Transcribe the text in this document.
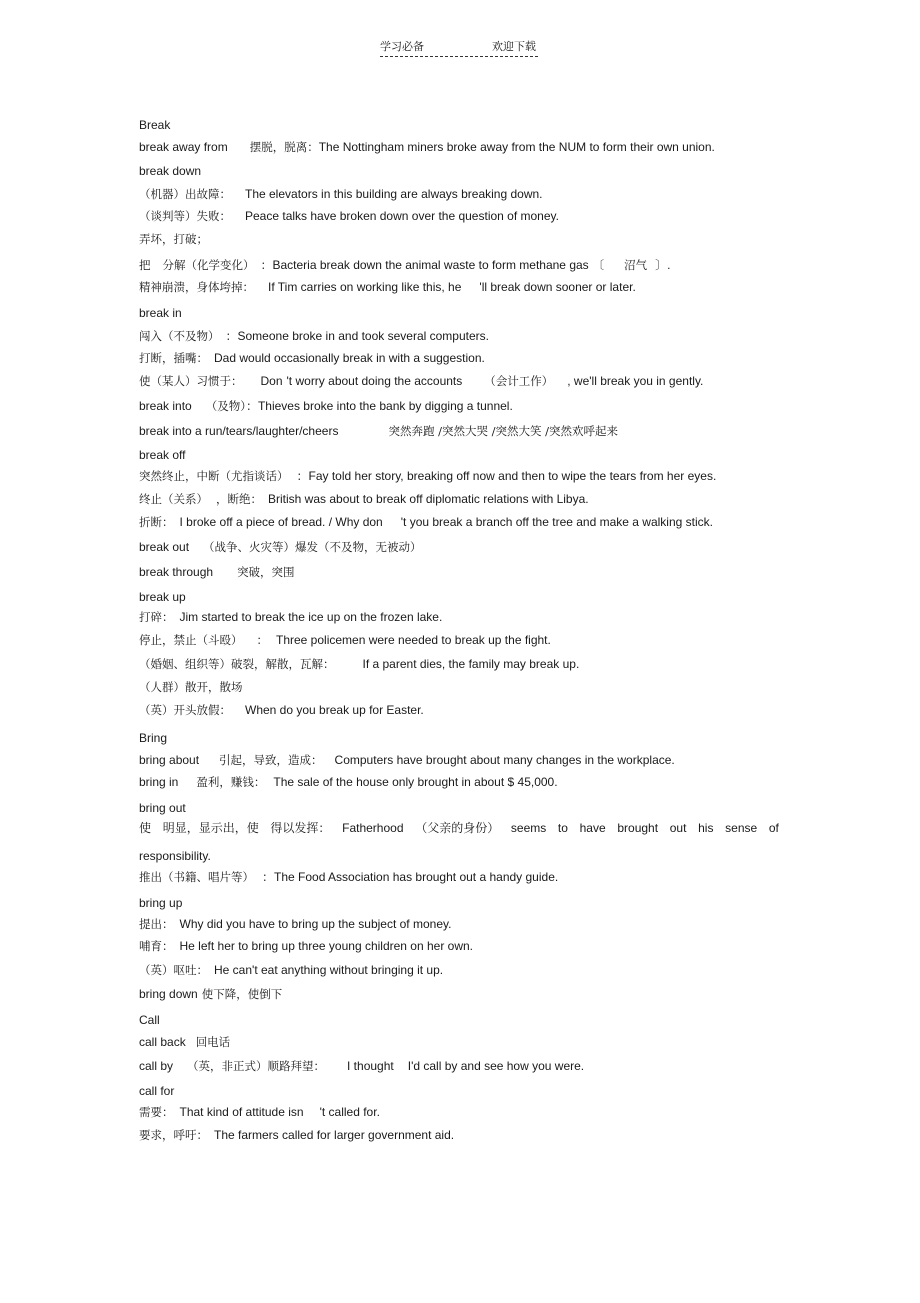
学习必备	欢迎下载
Break
break away from 摆脱，脱离：The Nottingham miners broke away from the NUM to form their own union.
break down
（机器）出故障： The elevators in this building are always breaking down.
（谈判等）失败： Peace talks have broken down over the question of money.
弄坏，打破；
把 分解（化学变化） ：Bacteria break down the animal waste to form methane gas 〔 沼气 〕.
精神崩溃，身体垮掉： If Tim carries on working like this, he 'll break down sooner or later.
break in
闯入（不及物） ：Someone broke in and took several computers.
打断，插嘴： Dad would occasionally break in with a suggestion.
使（某人）习惯于： Don 't worry about doing the accounts （会计工作） , we'll break you in gently.
break into （及物）：Thieves broke into the bank by digging a tunnel.
break into a run/tears/laughter/cheers	突然奔跑 /突然大哭 /突然大笑 /突然欢呼起来
break off
突然终止，中断（尤指谈话） ：Fay told her story, breaking off now and then to wipe the tears from her eyes.
终止（关系） ，断绝： British was about to break off diplomatic relations with Libya.
折断： I broke off a piece of bread. / Why don 't you break a branch off the tree and make a walking stick.
break out （战争、火灾等）爆发（不及物，无被动）
break through 突破，突围
break up
打碎： Jim started to break the ice up on the frozen lake.
停止，禁止（斗殴） ： Three policemen were needed to break up the fight.
（婚姻、组织等）破裂，解散，瓦解： If a parent dies, the family may break up.
（人群）散开，散场
（英）开头放假： When do you break up for Easter.
Bring
bring about 引起，导致，造成： Computers have brought about many changes in the workplace.
bring in 盈利，赚钱： The sale of the house only brought in about $ 45,000.
bring out
使 明显，显示出，使 得以发挥： Fatherhood （父亲的身份） seems to have brought out his sense of
responsibility.
推出（书籍、唱片等） ：The Food Association has brought out a handy guide.
bring up
提出： Why did you have to bring up the subject of money.
哺育： He left her to bring up three young children on her own.
（英）呕吐： He can't eat anything without bringing it up.
bring down 使下降，使倒下
Call
call back 回电话
call by （英，非正式）顺路拜望： I thought I'd call by and see how you were.
call for
需要： That kind of attitude isn 't called for.
要求，呼吁： The farmers called for larger government aid.
